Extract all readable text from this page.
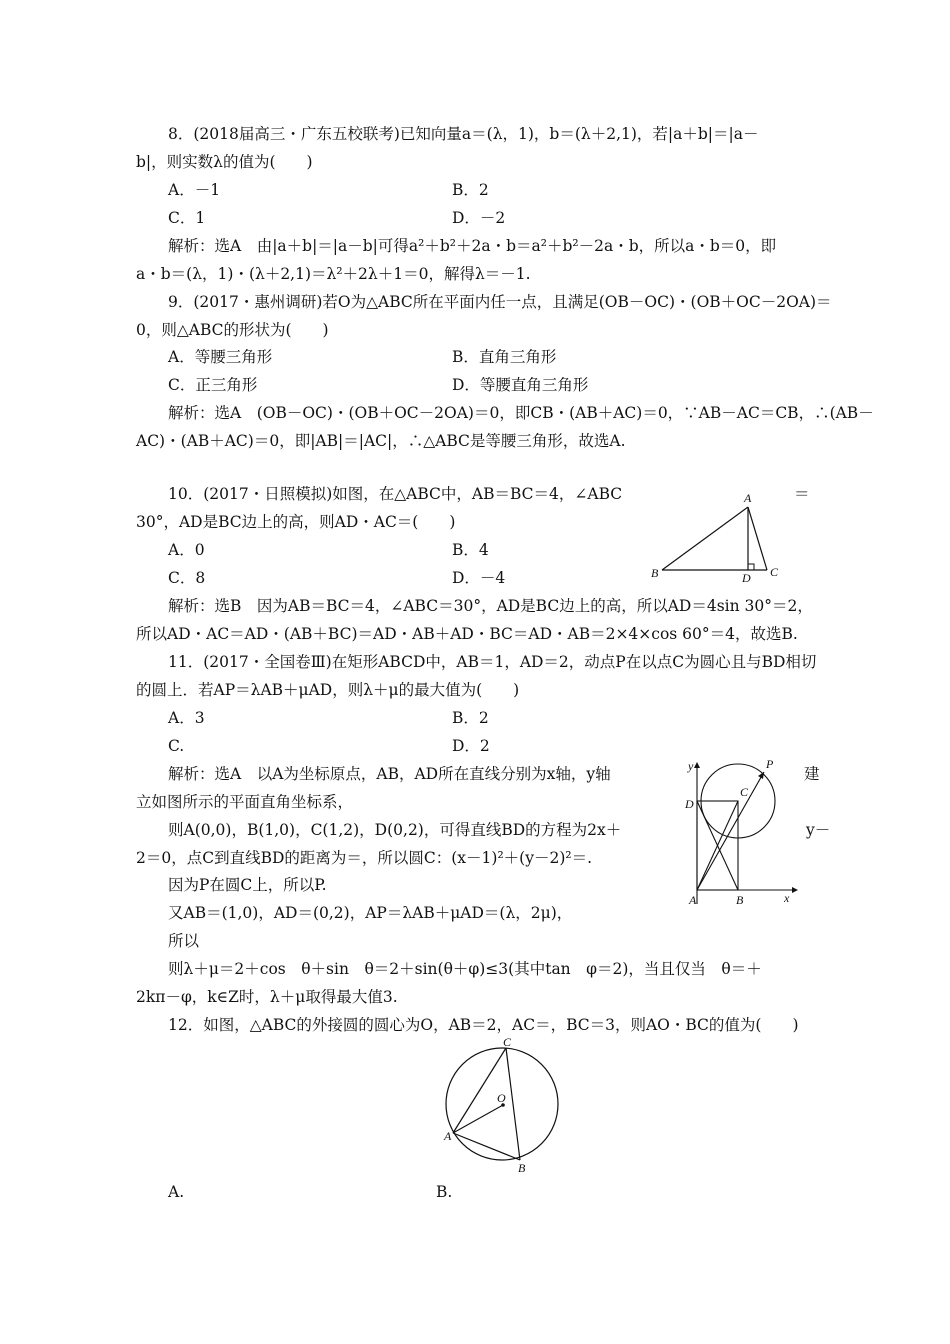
8．(2018届高三・广东五校联考)已知向量a＝(λ，1)，b＝(λ＋2,1)，若|a＋b|＝|a－
b|，则实数λ的值为(　　)
A．－1	B．2
C．1	D．－2
解析：选A　由|a＋b|＝|a－b|可得a²＋b²＋2a・b＝a²＋b²－2a・b，所以a・b＝0，即
a・b＝(λ，1)・(λ＋2,1)＝λ²＋2λ＋1＝0，解得λ＝－1.
9．(2017・惠州调研)若O为△ABC所在平面内任一点，且满足(OB－OC)・(OB＋OC－2OA)＝
0，则△ABC的形状为(　　)
A．等腰三角形	B．直角三角形
C．正三角形	D．等腰直角三角形
解析：选A　(OB－OC)・(OB＋OC－2OA)＝0，即CB・(AB＋AC)＝0，∵AB－AC＝CB，∴(AB－
AC)・(AB＋AC)＝0，即|AB|＝|AC|，∴△ABC是等腰三角形，故选A.
10．(2017・日照模拟)如图，在△ABC中，AB＝BC＝4，∠ABC	＝
30°，AD是BC边上的高，则AD・AC＝(　　)
A．0	B．4
C．8	D．－4
解析：选B　因为AB＝BC＝4，∠ABC＝30°，AD是BC边上的高，所以AD＝4sin 30°＝2，
所以AD・AC＝AD・(AB＋BC)＝AD・AB＋AD・BC＝AD・AB＝2×4×cos 60°＝4，故选B.
A
B	C
D
11．(2017・全国卷Ⅲ)在矩形ABCD中，AB＝1，AD＝2，动点P在以点C为圆心且与BD相切
的圆上．若AP＝λAB＋μAD，则λ＋μ的最大值为(　　)
A．3	B．2
C.	D．2
解析：选A　以A为坐标原点，AB，AD所在直线分别为x轴，y轴	建
立如图所示的平面直角坐标系，
则A(0,0)，B(1,0)，C(1,2)，D(0,2)，可得直线BD的方程为2x＋	y－
2＝0，点C到直线BD的距离为＝，所以圆C：(x－1)²＋(y－2)²＝.
因为P在圆C上，所以P.
又AB＝(1,0)，AD＝(0,2)，AP＝λAB＋μAD＝(λ，2μ)，
所以
则λ＋μ＝2＋cos　θ＋sin　θ＝2＋sin(θ＋φ)≤3(其中tan　φ＝2)，当且仅当　θ＝＋
2kπ－φ，k∈Z时，λ＋μ取得最大值3.
y
x
P
D
C
A	B
12．如图，△ABC的外接圆的圆心为O，AB＝2，AC＝，BC＝3，则AO・BC的值为(　　)
C
O
A
B
A.	B.
